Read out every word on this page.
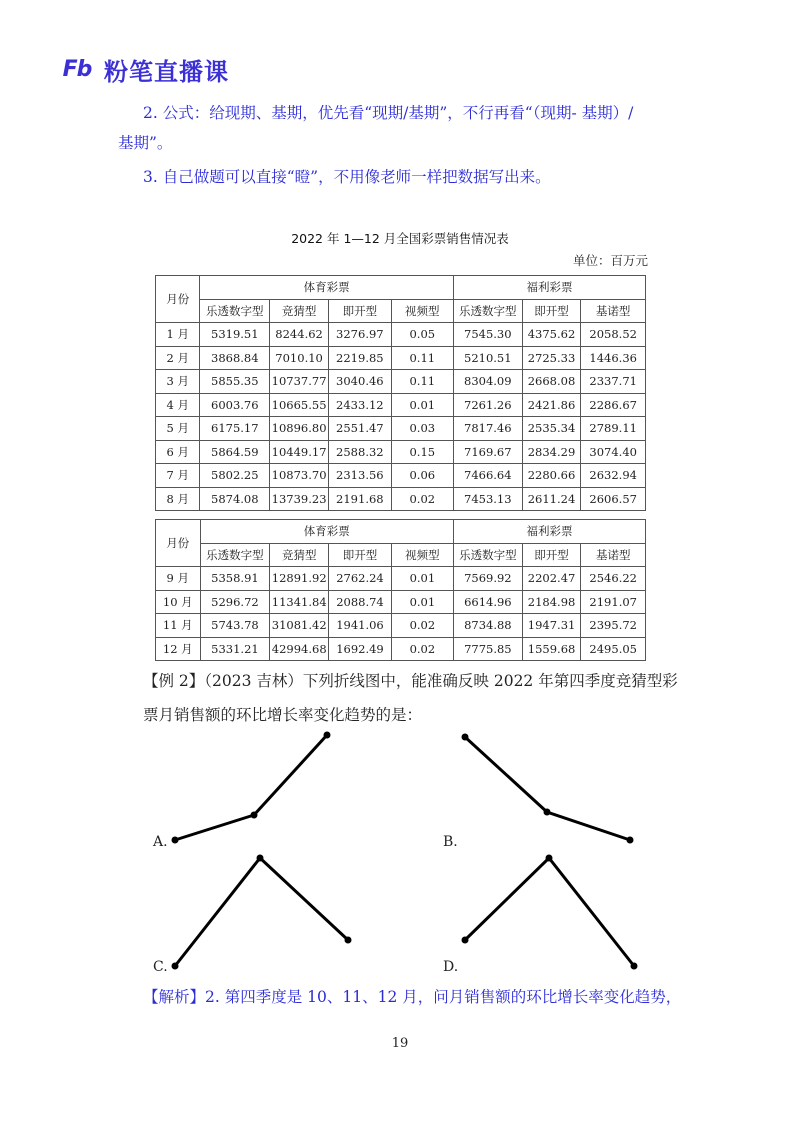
Fb 粉笔直播课
2. 公式：给现期、基期，优先看“现期/基期”，不行再看“（现期- 基期）/
基期”。
3. 自己做题可以直接“瞪”，不用像老师一样把数据写出来。
2022 年 1—12 月全国彩票销售情况表
单位：百万元
月份	体育彩票				福利彩票		
	乐透数字型	竞猜型	即开型	视频型	乐透数字型	即开型	基诺型
1 月	5319.51	8244.62	3276.97	0.05	7545.30	4375.62	2058.52
2 月	3868.84	7010.10	2219.85	0.11	5210.51	2725.33	1446.36
3 月	5855.35	10737.77	3040.46	0.11	8304.09	2668.08	2337.71
4 月	6003.76	10665.55	2433.12	0.01	7261.26	2421.86	2286.67
5 月	6175.17	10896.80	2551.47	0.03	7817.46	2535.34	2789.11
6 月	5864.59	10449.17	2588.32	0.15	7169.67	2834.29	3074.40
7 月	5802.25	10873.70	2313.56	0.06	7466.64	2280.66	2632.94
8 月	5874.08	13739.23	2191.68	0.02	7453.13	2611.24	2606.57
月份	体育彩票				福利彩票		
	乐透数字型	竞猜型	即开型	视频型	乐透数字型	即开型	基诺型
9 月	5358.91	12891.92	2762.24	0.01	7569.92	2202.47	2546.22
10 月	5296.72	11341.84	2088.74	0.01	6614.96	2184.98	2191.07
11 月	5743.78	31081.42	1941.06	0.02	8734.88	1947.31	2395.72
12 月	5331.21	42994.68	1692.49	0.02	7775.85	1559.68	2495.05
【例 2】（2023 吉林）下列折线图中，能准确反映 2022 年第四季度竞猜型彩票月销售额的环比增长率变化趋势的是：
A.	B.
C.	D.
【解析】2. 第四季度是 10、11、12 月，问月销售额的环比增长率变化趋势，
19
